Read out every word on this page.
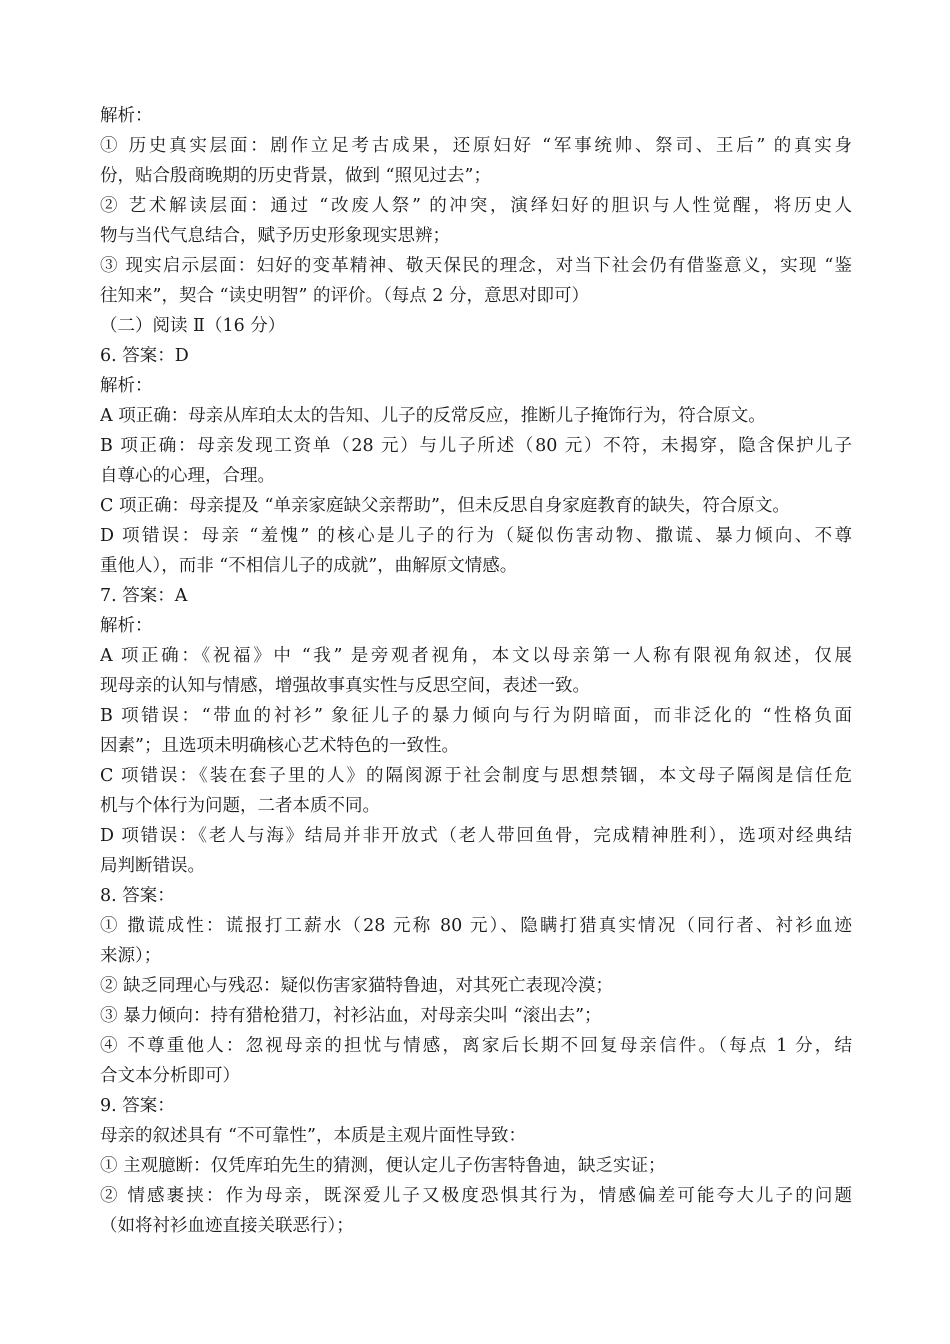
解析：
① 历史真实层面：剧作立足考古成果，还原妇好 “军事统帅、祭司、王后” 的真实身
份，贴合殷商晚期的历史背景，做到 “照见过去”；
② 艺术解读层面：通过 “改废人祭” 的冲突，演绎妇好的胆识与人性觉醒，将历史人
物与当代气息结合，赋予历史形象现实思辨；
③ 现实启示层面：妇好的变革精神、敬天保民的理念，对当下社会仍有借鉴意义，实现 “鉴
往知来”，契合 “读史明智” 的评价。（每点 2 分，意思对即可）
（二）阅读 Ⅱ（16 分）
6. 答案：D
解析：
A 项正确：母亲从库珀太太的告知、儿子的反常反应，推断儿子掩饰行为，符合原文。
B 项正确：母亲发现工资单（28 元）与儿子所述（80 元）不符，未揭穿，隐含保护儿子
自尊心的心理，合理。
C 项正确：母亲提及 “单亲家庭缺父亲帮助”，但未反思自身家庭教育的缺失，符合原文。
D 项错误：母亲 “羞愧” 的核心是儿子的行为（疑似伤害动物、撒谎、暴力倾向、不尊
重他人），而非 “不相信儿子的成就”，曲解原文情感。
7. 答案：A
解析：
A 项正确：《祝福》中 “我” 是旁观者视角，本文以母亲第一人称有限视角叙述，仅展
现母亲的认知与情感，增强故事真实性与反思空间，表述一致。
B 项错误：“带血的衬衫” 象征儿子的暴力倾向与行为阴暗面，而非泛化的 “性格负面
因素”；且选项未明确核心艺术特色的一致性。
C 项错误：《装在套子里的人》的隔阂源于社会制度与思想禁锢，本文母子隔阂是信任危
机与个体行为问题，二者本质不同。
D 项错误：《老人与海》结局并非开放式（老人带回鱼骨，完成精神胜利），选项对经典结
局判断错误。
8. 答案：
① 撒谎成性：谎报打工薪水（28 元称 80 元）、隐瞒打猎真实情况（同行者、衬衫血迹
来源）；
② 缺乏同理心与残忍：疑似伤害家猫特鲁迪，对其死亡表现冷漠；
③ 暴力倾向：持有猎枪猎刀，衬衫沾血，对母亲尖叫 “滚出去”；
④ 不尊重他人：忽视母亲的担忧与情感，离家后长期不回复母亲信件。（每点 1 分，结
合文本分析即可）
9. 答案：
母亲的叙述具有 “不可靠性”，本质是主观片面性导致：
① 主观臆断：仅凭库珀先生的猜测，便认定儿子伤害特鲁迪，缺乏实证；
② 情感裹挟：作为母亲，既深爱儿子又极度恐惧其行为，情感偏差可能夸大儿子的问题
（如将衬衫血迹直接关联恶行）；
